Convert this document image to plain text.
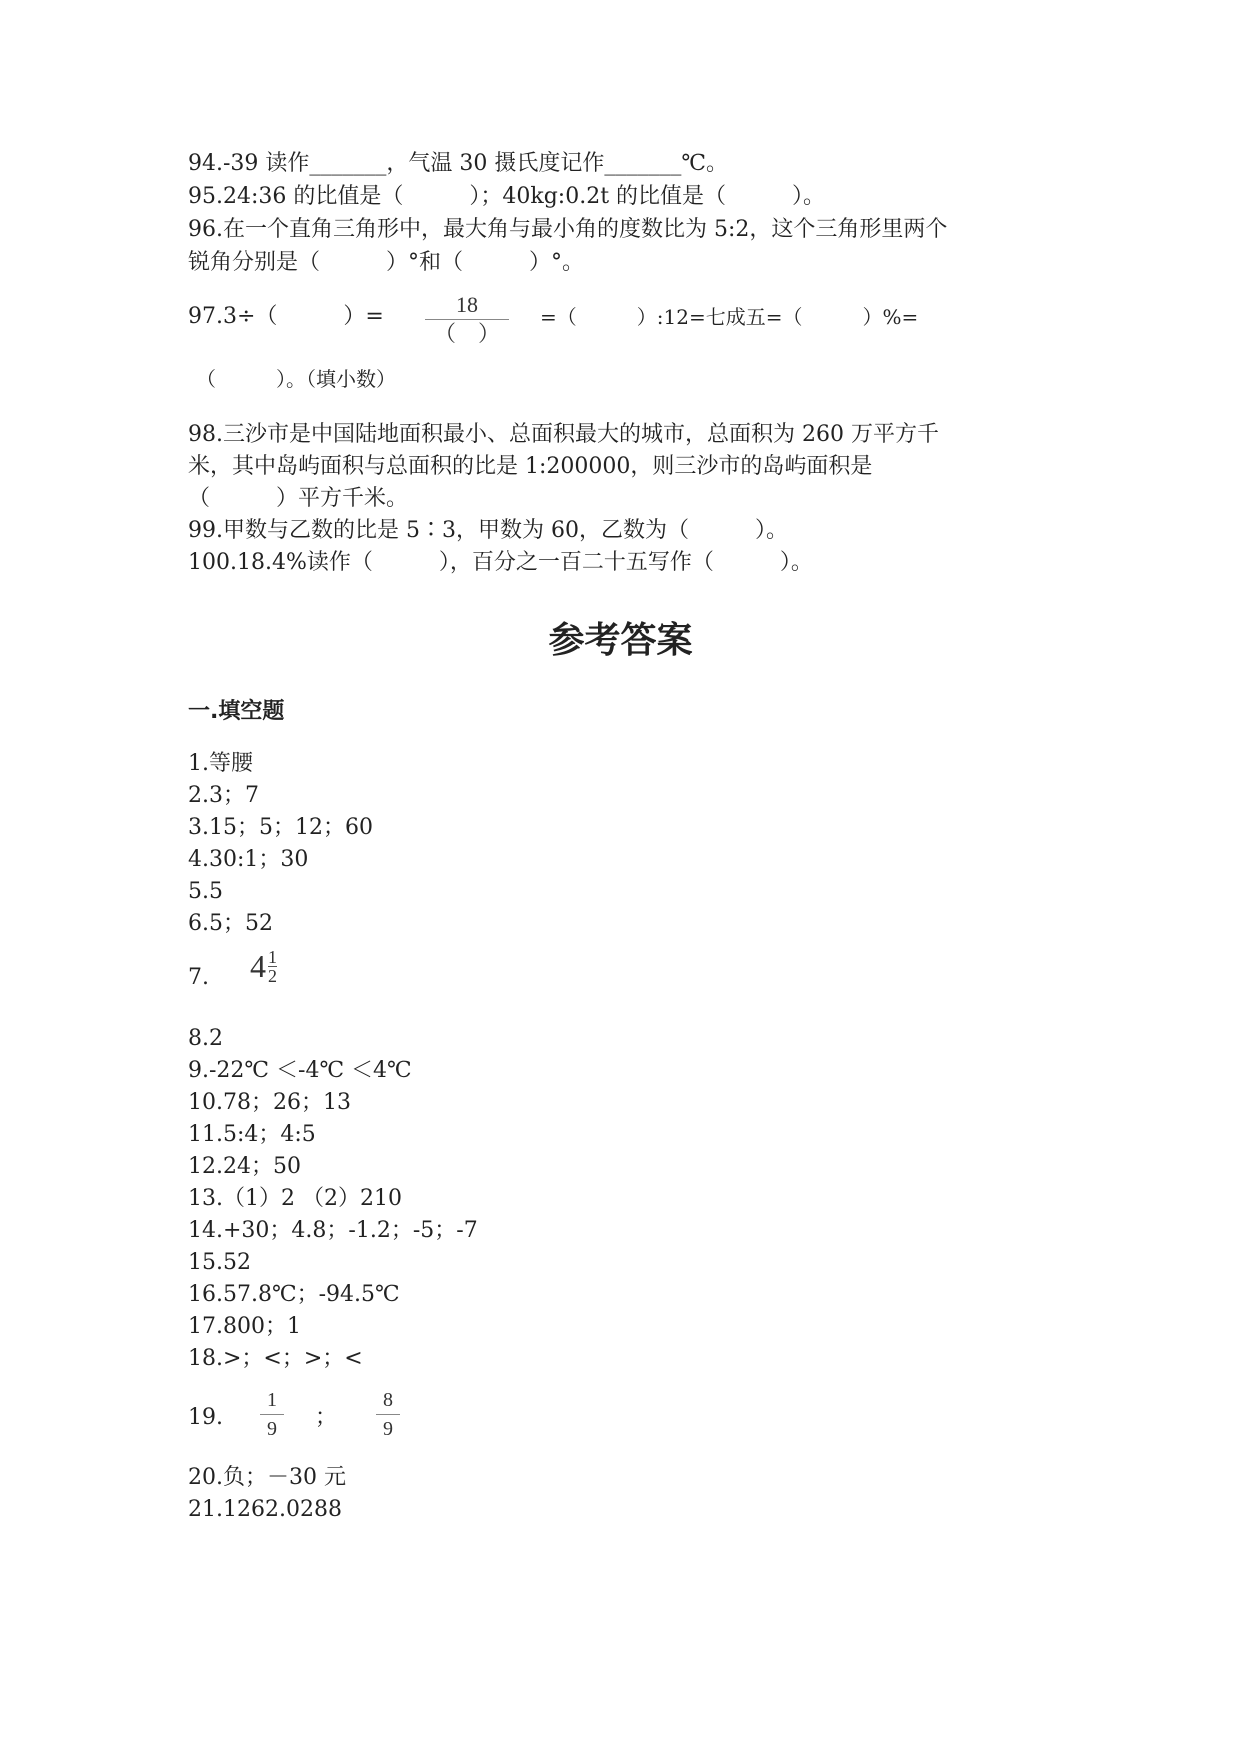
94.-39 读作_______，气温 30 摄氏度记作_______℃。
95.24:36 的比值是（　　　）；40kg:0.2t 的比值是（　　　）。
96.在一个直角三角形中，最大角与最小角的度数比为 5:2，这个三角形里两个
锐角分别是（　　　）°和（　　　）°。
97.3÷（　　　）=	18
（　）
=（　　　）:12=七成五=（　　　）%=
（　　　）。（填小数）
98.三沙市是中国陆地面积最小、总面积最大的城市，总面积为 260 万平方千
米，其中岛屿面积与总面积的比是 1:200000，则三沙市的岛屿面积是
（　　　）平方千米。
99.甲数与乙数的比是 5∶3，甲数为 60，乙数为（　　　）。
100.18.4%读作（　　　），百分之一百二十五写作（　　　）。
参考答案
一.填空题
1.等腰
2.3；7
3.15；5；12；60
4.30:1；30
5.5
6.5；52
7. $4 \frac{1}{2}$
8.2
9.-22℃ ＜-4℃ ＜4℃
10.78；26；13
11.5:4；4:5
12.24；50
13.（1）2 （2）210
14.+30；4.8；-1.2；-5；-7
15.52
16.57.8℃；-94.5℃
17.800；1
18.>；<；>；<
19.
1
9	；
8
9
20.负；－30 元
21.1262.0288
